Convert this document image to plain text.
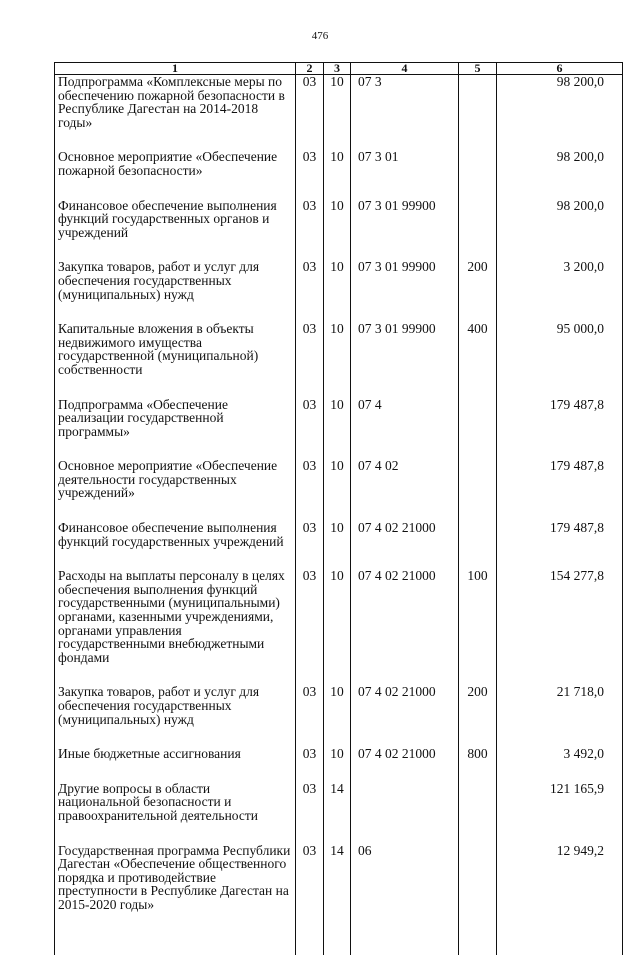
476
1	2	3	4	5	6
Подпрограмма «Комплексные меры по обеспечению пожарной безопасности в Республике Дагестан на 2014-2018 годы»	03	10	07 3		98 200,0
Основное мероприятие «Обеспечение пожарной безопасности»	03	10	07 3 01		98 200,0
Финансовое обеспечение выполнения функций государственных органов и учреждений	03	10	07 3 01 99900		98 200,0
Закупка товаров, работ и услуг для обеспечения государственных (муниципальных) нужд	03	10	07 3 01 99900	200	3 200,0
Капитальные вложения в объекты недвижимого имущества государственной (муниципальной) собственности	03	10	07 3 01 99900	400	95 000,0
Подпрограмма «Обеспечение реализации государственной программы»	03	10	07 4		179 487,8
Основное мероприятие «Обеспечение деятельности государственных учреждений»	03	10	07 4 02		179 487,8
Финансовое обеспечение выполнения функций государственных учреждений	03	10	07 4 02 21000		179 487,8
Расходы на выплаты персоналу в целях обеспечения выполнения функций государственными (муниципальными) органами, казенными учреждениями, органами управления государственными внебюджетными фондами	03	10	07 4 02 21000	100	154 277,8
Закупка товаров, работ и услуг для обеспечения государственных (муниципальных) нужд	03	10	07 4 02 21000	200	21 718,0
Иные бюджетные ассигнования	03	10	07 4 02 21000	800	3 492,0
Другие вопросы в области национальной безопасности и правоохранительной деятельности	03	14			121 165,9
Государственная программа Республики Дагестан «Обеспечение общественного порядка и противодействие преступности в Республике Дагестан на 2015-2020 годы»	03	14	06		12 949,2
